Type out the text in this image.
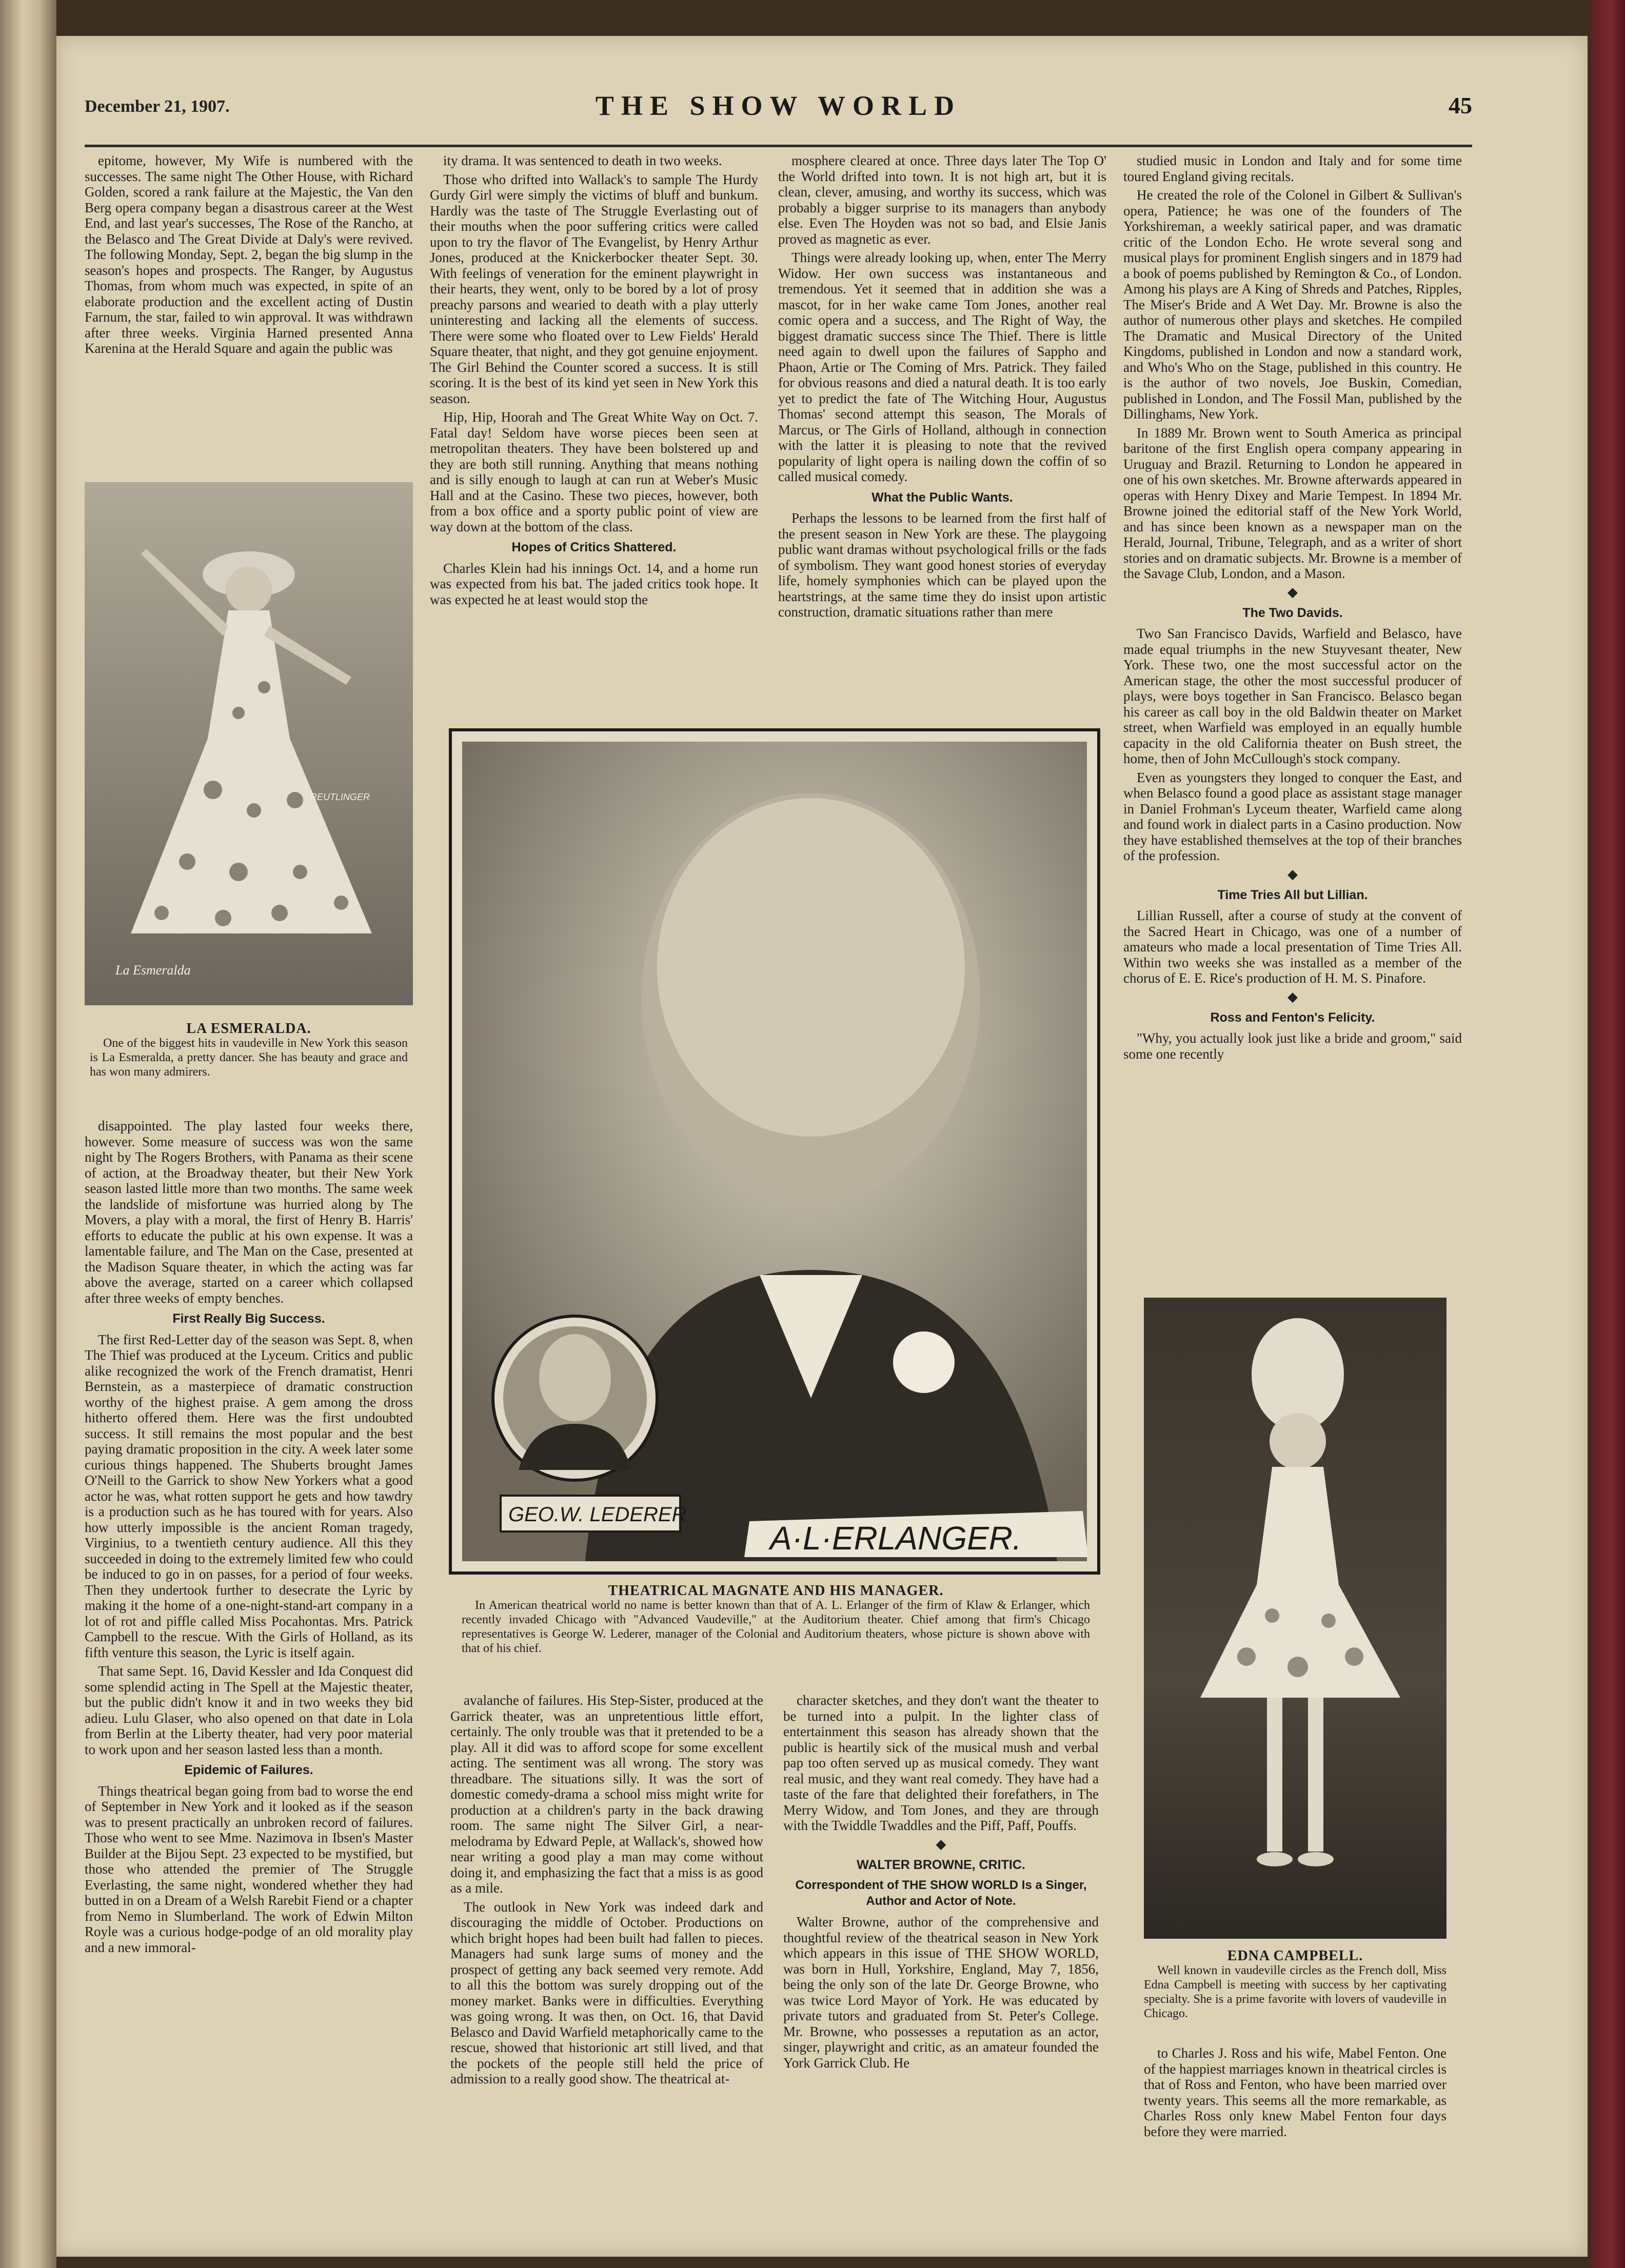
December 21, 1907.	THE SHOW WORLD	45

epitome, however, My Wife is numbered with the successes. The same night The Other House, with Richard Golden, scored a rank failure at the Majestic, the Van den Berg opera company began a disastrous career at the West End, and last year's successes, The Rose of the Rancho, at the Belasco and The Great Divide at Daly's were revived. The following Monday, Sept. 2, began the big slump in the season's hopes and prospects. The Ranger, by Augustus Thomas, from whom much was expected, in spite of an elaborate production and the excellent acting of Dustin Farnum, the star, failed to win approval. It was withdrawn after three weeks. Virginia Harned presented Anna Karenina at the Herald Square and again the public was

REUTLINGER
La Esmeralda
LA ESMERALDA.

One of the biggest hits in vaudeville in New York this season is La Esmeralda, a pretty dancer. She has beauty and grace and has won many admirers.

disappointed. The play lasted four weeks there, however. Some measure of success was won the same night by The Rogers Brothers, with Panama as their scene of action, at the Broadway theater, but their New York season lasted little more than two months. The same week the landslide of misfortune was hurried along by The Movers, a play with a moral, the first of Henry B. Harris' efforts to educate the public at his own expense. It was a lamentable failure, and The Man on the Case, presented at the Madison Square theater, in which the acting was far above the average, started on a career which collapsed after three weeks of empty benches.

First Really Big Success.

The first Red-Letter day of the season was Sept. 8, when The Thief was produced at the Lyceum. Critics and public alike recognized the work of the French dramatist, Henri Bernstein, as a masterpiece of dramatic construction worthy of the highest praise. A gem among the dross hitherto offered them. Here was the first undoubted success. It still remains the most popular and the best paying dramatic proposition in the city. A week later some curious things happened. The Shuberts brought James O'Neill to the Garrick to show New Yorkers what a good actor he was, what rotten support he gets and how tawdry is a production such as he has toured with for years. Also how utterly impossible is the ancient Roman tragedy, Virginius, to a twentieth century audience. All this they succeeded in doing to the extremely limited few who could be induced to go in on passes, for a period of four weeks. Then they undertook further to desecrate the Lyric by making it the home of a one-night-stand-art company in a lot of rot and piffle called Miss Pocahontas. Mrs. Patrick Campbell to the rescue. With the Girls of Holland, as its fifth venture this season, the Lyric is itself again.

That same Sept. 16, David Kessler and Ida Conquest did some splendid acting in The Spell at the Majestic theater, but the public didn't know it and in two weeks they bid adieu. Lulu Glaser, who also opened on that date in Lola from Berlin at the Liberty theater, had very poor material to work upon and her season lasted less than a month.

Epidemic of Failures.

Things theatrical began going from bad to worse the end of September in New York and it looked as if the season was to present practically an unbroken record of failures. Those who went to see Mme. Nazimova in Ibsen's Master Builder at the Bijou Sept. 23 expected to be mystified, but those who attended the premier of The Struggle Everlasting, the same night, wondered whether they had butted in on a Dream of a Welsh Rarebit Fiend or a chapter from Nemo in Slumberland. The work of Edwin Milton Royle was a curious hodge-podge of an old morality play and a new immoral-

ity drama. It was sentenced to death in two weeks.

Those who drifted into Wallack's to sample The Hurdy Gurdy Girl were simply the victims of bluff and bunkum. Hardly was the taste of The Struggle Everlasting out of their mouths when the poor suffering critics were called upon to try the flavor of The Evangelist, by Henry Arthur Jones, produced at the Knickerbocker theater Sept. 30. With feelings of veneration for the eminent playwright in their hearts, they went, only to be bored by a lot of prosy preachy parsons and wearied to death with a play utterly uninteresting and lacking all the elements of success. There were some who floated over to Lew Fields' Herald Square theater, that night, and they got genuine enjoyment. The Girl Behind the Counter scored a success. It is still scoring. It is the best of its kind yet seen in New York this season.

Hip, Hip, Hoorah and The Great White Way on Oct. 7. Fatal day! Seldom have worse pieces been seen at metropolitan theaters. They have been bolstered up and they are both still running. Anything that means nothing and is silly enough to laugh at can run at Weber's Music Hall and at the Casino. These two pieces, however, both from a box office and a sporty public point of view are way down at the bottom of the class.

Hopes of Critics Shattered.

Charles Klein had his innings Oct. 14, and a home run was expected from his bat. The jaded critics took hope. It was expected he at least would stop the

mosphere cleared at once. Three days later The Top O' the World drifted into town. It is not high art, but it is clean, clever, amusing, and worthy its success, which was probably a bigger surprise to its managers than anybody else. Even The Hoyden was not so bad, and Elsie Janis proved as magnetic as ever.

Things were already looking up, when, enter The Merry Widow. Her own success was instantaneous and tremendous. Yet it seemed that in addition she was a mascot, for in her wake came Tom Jones, another real comic opera and a success, and The Right of Way, the biggest dramatic success since The Thief. There is little need again to dwell upon the failures of Sappho and Phaon, Artie or The Coming of Mrs. Patrick. They failed for obvious reasons and died a natural death. It is too early yet to predict the fate of The Witching Hour, Augustus Thomas' second attempt this season, The Morals of Marcus, or The Girls of Holland, although in connection with the latter it is pleasing to note that the revived popularity of light opera is nailing down the coffin of so called musical comedy.

What the Public Wants.

Perhaps the lessons to be learned from the first half of the present season in New York are these. The playgoing public want dramas without psychological frills or the fads of symbolism. They want good honest stories of everyday life, homely symphonies which can be played upon the heartstrings, at the same time they do insist upon artistic construction, dramatic situations rather than mere

GEO.W. LEDERER
A·L·ERLANGER.
THEATRICAL MAGNATE AND HIS MANAGER.

In American theatrical world no name is better known than that of A. L. Erlanger of the firm of Klaw & Erlanger, which recently invaded Chicago with "Advanced Vaudeville," at the Auditorium theater. Chief among that firm's Chicago representatives is George W. Lederer, manager of the Colonial and Auditorium theaters, whose picture is shown above with that of his chief.

avalanche of failures. His Step-Sister, produced at the Garrick theater, was an unpretentious little effort, certainly. The only trouble was that it pretended to be a play. All it did was to afford scope for some excellent acting. The sentiment was all wrong. The story was threadbare. The situations silly. It was the sort of domestic comedy-drama a school miss might write for production at a children's party in the back drawing room. The same night The Silver Girl, a near-melodrama by Edward Peple, at Wallack's, showed how near writing a good play a man may come without doing it, and emphasizing the fact that a miss is as good as a mile.

The outlook in New York was indeed dark and discouraging the middle of October. Productions on which bright hopes had been built had fallen to pieces. Managers had sunk large sums of money and the prospect of getting any back seemed very remote. Add to all this the bottom was surely dropping out of the money market. Banks were in difficulties. Everything was going wrong. It was then, on Oct. 16, that David Belasco and David Warfield metaphorically came to the rescue, showed that historionic art still lived, and that the pockets of the people still held the price of admission to a really good show. The theatrical at-

character sketches, and they don't want the theater to be turned into a pulpit. In the lighter class of entertainment this season has already shown that the public is heartily sick of the musical mush and verbal pap too often served up as musical comedy. They want real music, and they want real comedy. They have had a taste of the fare that delighted their forefathers, in The Merry Widow, and Tom Jones, and they are through with the Twiddle Twaddles and the Piff, Paff, Pouffs.

◆
WALTER BROWNE, CRITIC.
Correspondent of THE SHOW WORLD Is a Singer, Author and Actor of Note.

Walter Browne, author of the comprehensive and thoughtful review of the theatrical season in New York which appears in this issue of THE SHOW WORLD, was born in Hull, Yorkshire, England, May 7, 1856, being the only son of the late Dr. George Browne, who was twice Lord Mayor of York. He was educated by private tutors and graduated from St. Peter's College. Mr. Browne, who possesses a reputation as an actor, singer, playwright and critic, as an amateur founded the York Garrick Club. He

studied music in London and Italy and for some time toured England giving recitals.

He created the role of the Colonel in Gilbert & Sullivan's opera, Patience; he was one of the founders of The Yorkshireman, a weekly satirical paper, and was dramatic critic of the London Echo. He wrote several song and musical plays for prominent English singers and in 1879 had a book of poems published by Remington & Co., of London. Among his plays are A King of Shreds and Patches, Ripples, The Miser's Bride and A Wet Day. Mr. Browne is also the author of numerous other plays and sketches. He compiled The Dramatic and Musical Directory of the United Kingdoms, published in London and now a standard work, and Who's Who on the Stage, published in this country. He is the author of two novels, Joe Buskin, Comedian, published in London, and The Fossil Man, published by the Dillinghams, New York.

In 1889 Mr. Brown went to South America as principal baritone of the first English opera company appearing in Uruguay and Brazil. Returning to London he appeared in one of his own sketches. Mr. Browne afterwards appeared in operas with Henry Dixey and Marie Tempest. In 1894 Mr. Browne joined the editorial staff of the New York World, and has since been known as a newspaper man on the Herald, Journal, Tribune, Telegraph, and as a writer of short stories and on dramatic subjects. Mr. Browne is a member of the Savage Club, London, and a Mason.

◆
The Two Davids.

Two San Francisco Davids, Warfield and Belasco, have made equal triumphs in the new Stuyvesant theater, New York. These two, one the most successful actor on the American stage, the other the most successful producer of plays, were boys together in San Francisco. Belasco began his career as call boy in the old Baldwin theater on Market street, when Warfield was employed in an equally humble capacity in the old California theater on Bush street, the home, then of John McCullough's stock company.

Even as youngsters they longed to conquer the East, and when Belasco found a good place as assistant stage manager in Daniel Frohman's Lyceum theater, Warfield came along and found work in dialect parts in a Casino production. Now they have established themselves at the top of their branches of the profession.

◆
Time Tries All but Lillian.

Lillian Russell, after a course of study at the convent of the Sacred Heart in Chicago, was one of a number of amateurs who made a local presentation of Time Tries All. Within two weeks she was installed as a member of the chorus of E. E. Rice's production of H. M. S. Pinafore.

◆
Ross and Fenton's Felicity.

"Why, you actually look just like a bride and groom," said some one recently

EDNA CAMPBELL.

Well known in vaudeville circles as the French doll, Miss Edna Campbell is meeting with success by her captivating specialty. She is a prime favorite with lovers of vaudeville in Chicago.

to Charles J. Ross and his wife, Mabel Fenton. One of the happiest marriages known in theatrical circles is that of Ross and Fenton, who have been married over twenty years. This seems all the more remarkable, as Charles Ross only knew Mabel Fenton four days before they were married.
